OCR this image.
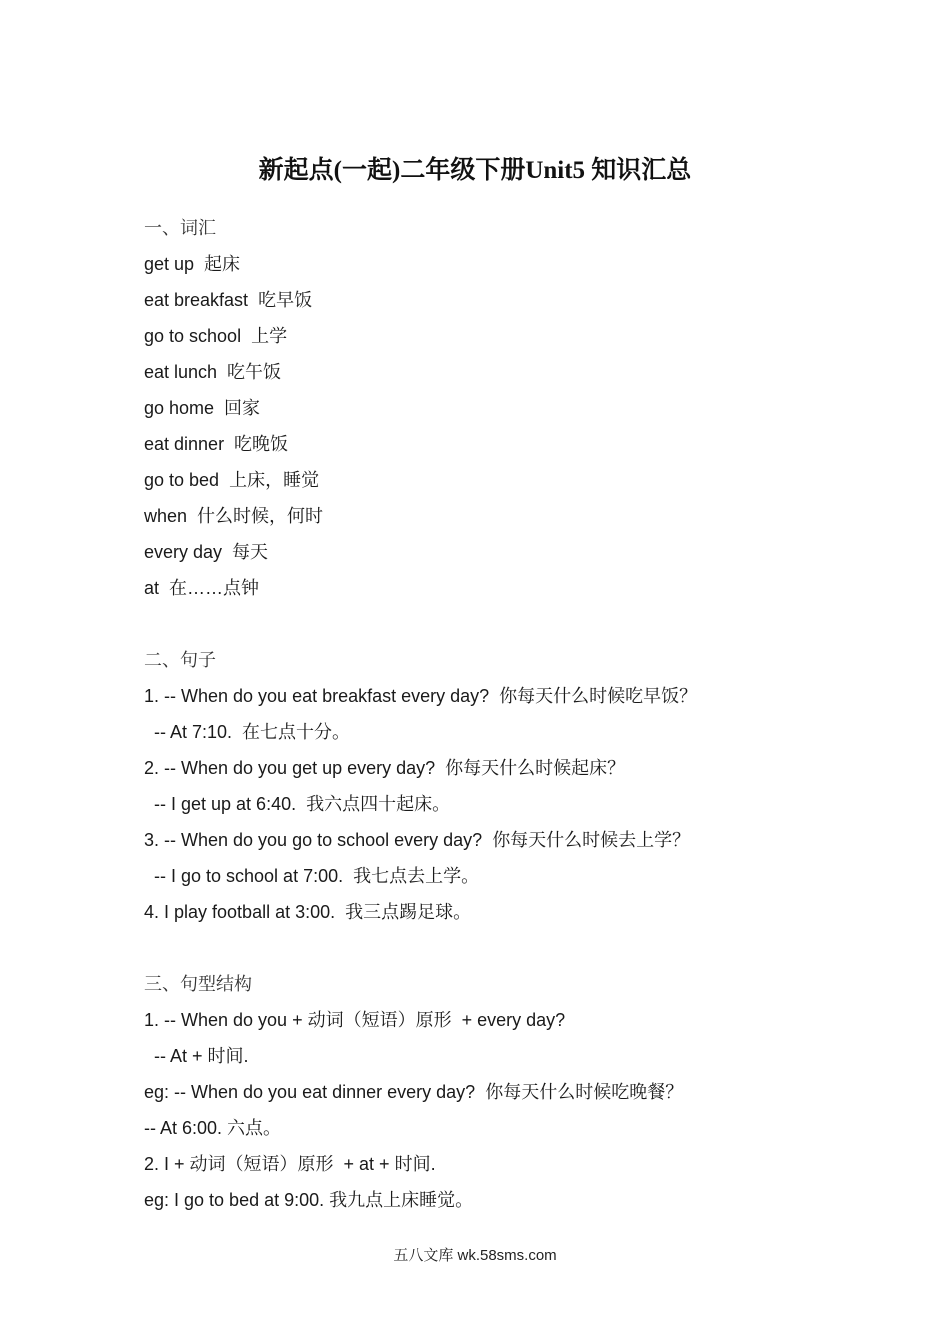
新起点(一起)二年级下册Unit5 知识汇总
一、词汇
get up  起床
eat breakfast  吃早饭
go to school  上学
eat lunch  吃午饭
go home  回家
eat dinner  吃晚饭
go to bed  上床，睡觉
when  什么时候，何时
every day  每天
at  在……点钟
二、句子
1. -- When do you eat breakfast every day?  你每天什么时候吃早饭？
-- At 7:10.  在七点十分。
2. -- When do you get up every day?  你每天什么时候起床？
-- I get up at 6:40.  我六点四十起床。
3. -- When do you go to school every day?  你每天什么时候去上学？
-- I go to school at 7:00.  我七点去上学。
4. I play football at 3:00.  我三点踢足球。
三、句型结构
1. -- When do you + 动词（短语）原形  + every day?
-- At + 时间.
eg: -- When do you eat dinner every day?  你每天什么时候吃晚餐？
-- At 6:00. 六点。
2. I + 动词（短语）原形  + at + 时间.
eg: I go to bed at 9:00. 我九点上床睡觉。
五八文库 wk.58sms.com
